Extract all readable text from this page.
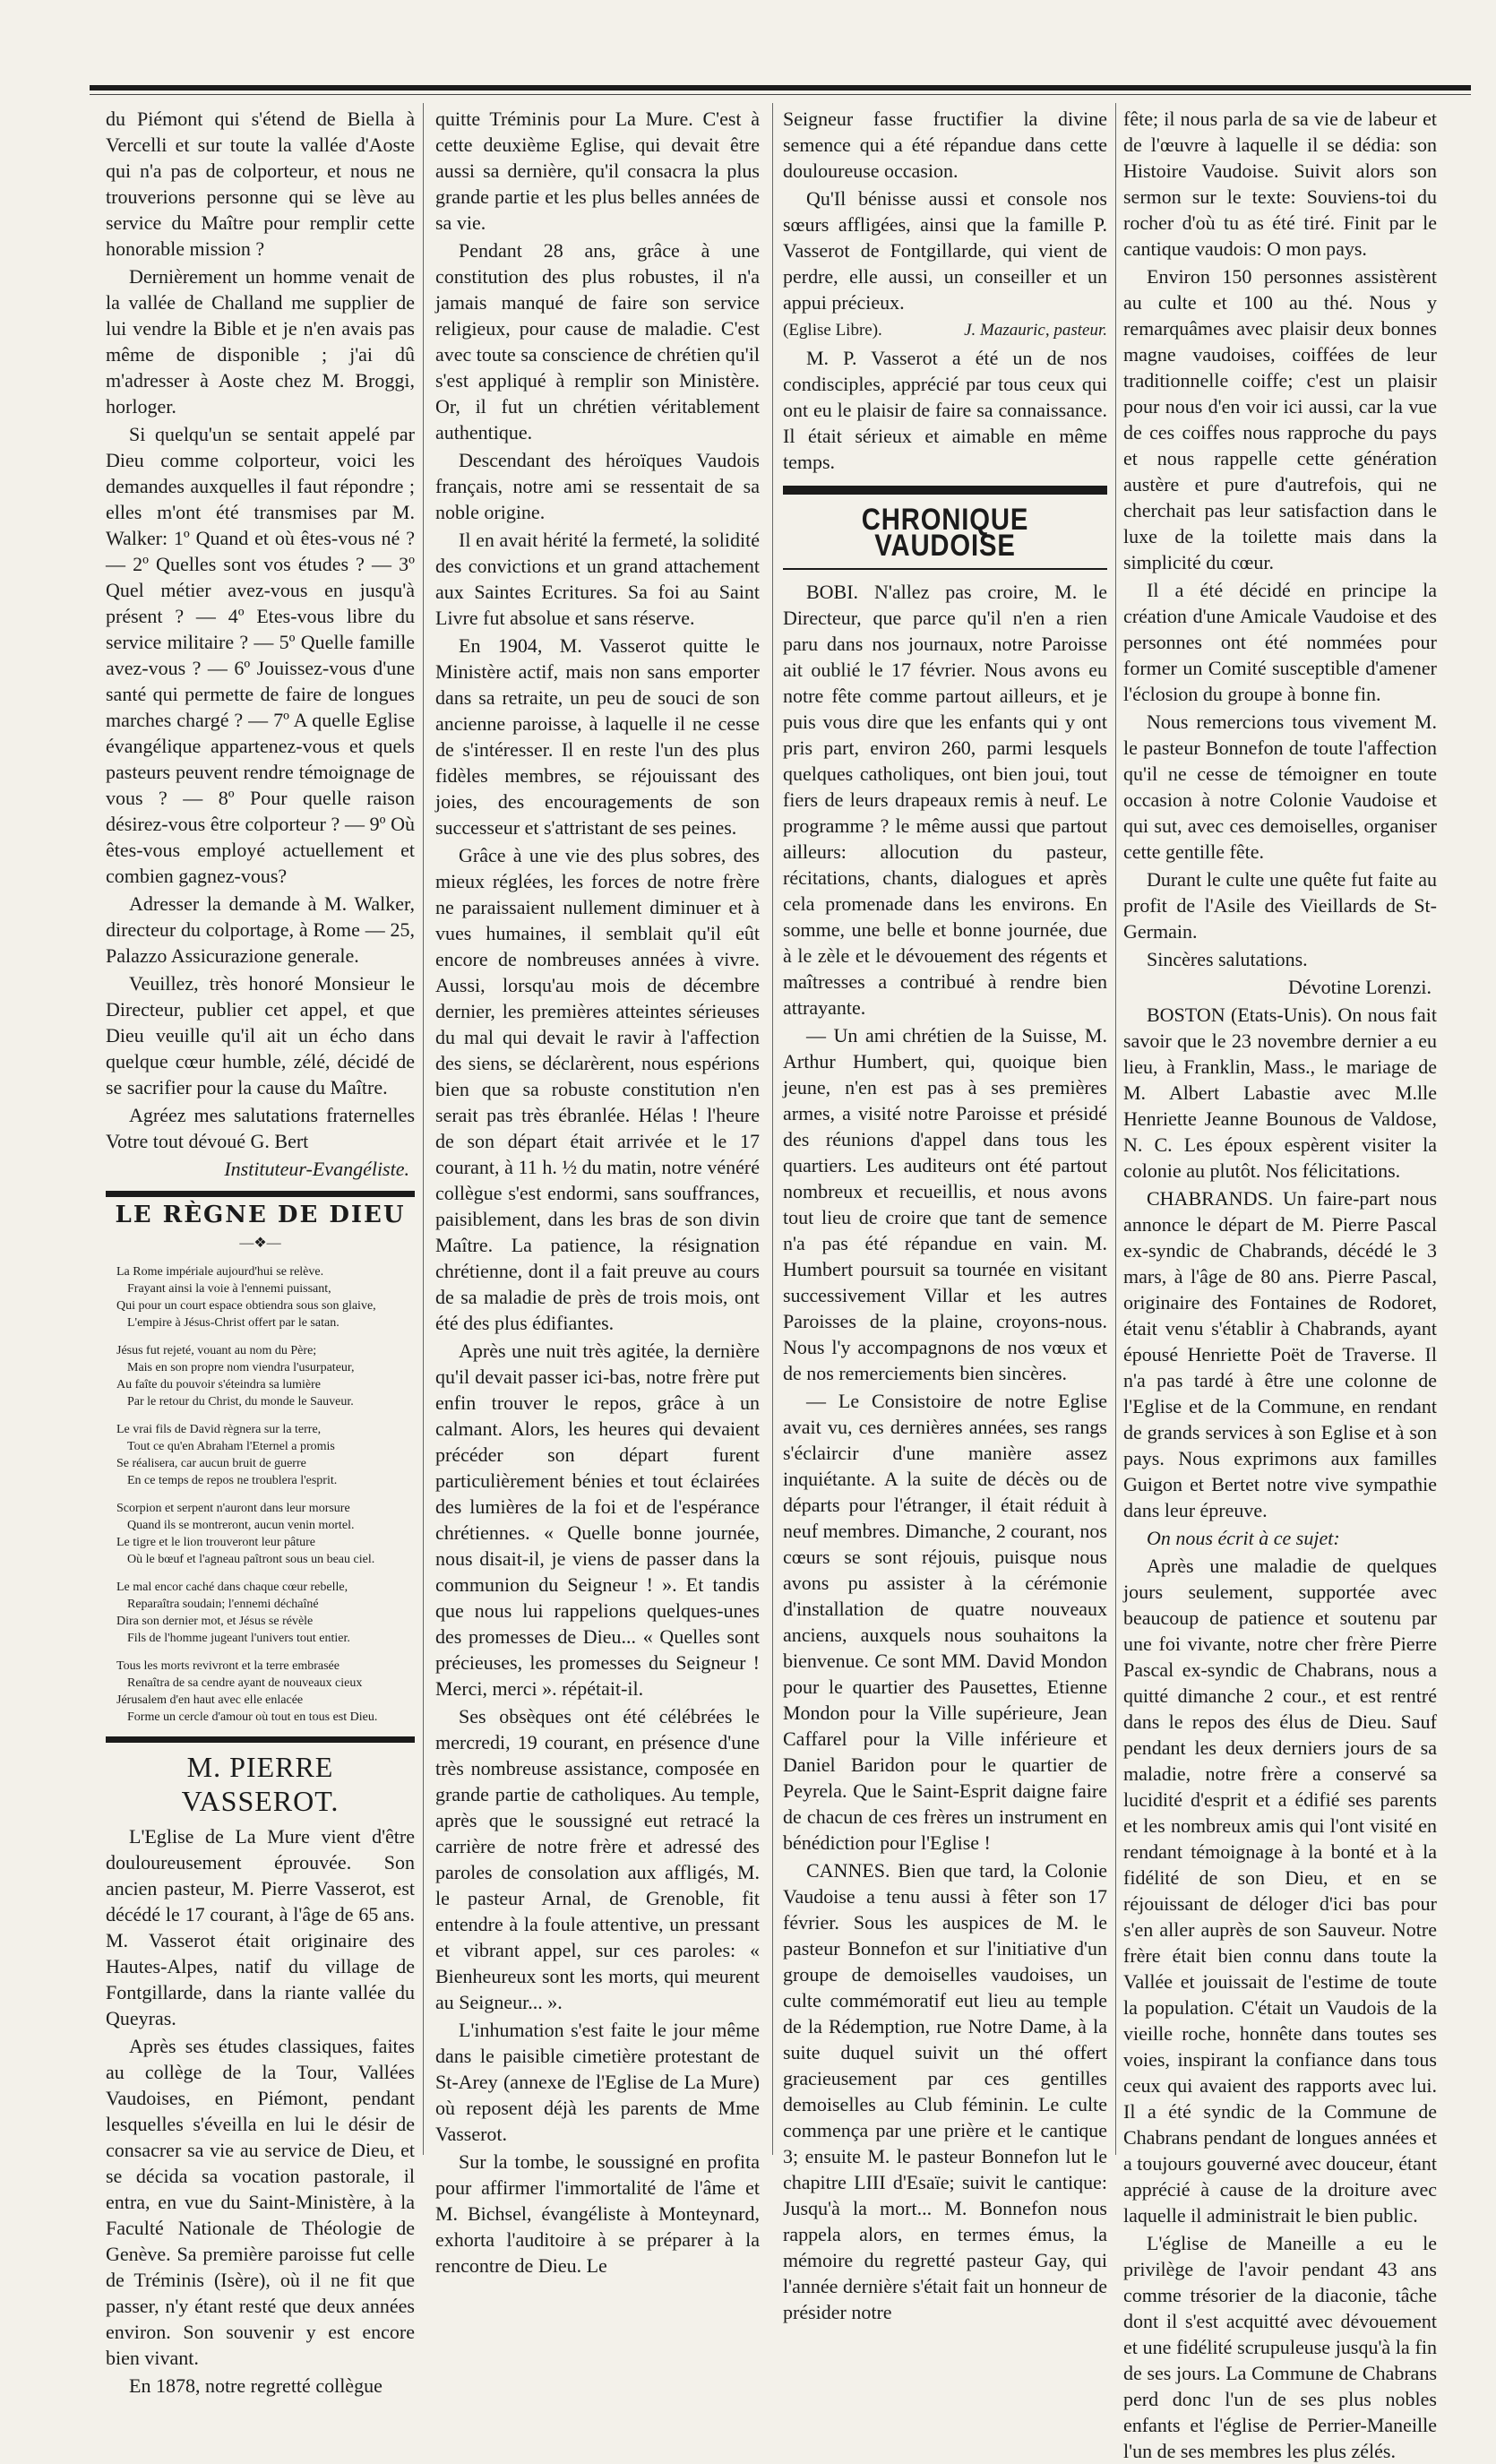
du Piémont qui s'étend de Biella à Vercelli et sur toute la vallée d'Aoste qui n'a pas de colporteur, et nous ne trouverions personne qui se lève au service du Maître pour remplir cette honorable mission ?

Dernièrement un homme venait de la vallée de Challand me supplier de lui vendre la Bible et je n'en avais pas même de disponible ; j'ai dû m'adresser à Aoste chez M. Broggi, horloger.

Si quelqu'un se sentait appelé par Dieu comme colporteur, voici les demandes auxquelles il faut répondre ; elles m'ont été transmises par M. Walker: 1º Quand et où êtes-vous né ? — 2º Quelles sont vos études ? — 3º Quel métier avez-vous en jusqu'à présent ? — 4º Etes-vous libre du service militaire ? — 5º Quelle famille avez-vous ? — 6º Jouissez-vous d'une santé qui permette de faire de longues marches chargé ? — 7º A quelle Eglise évangélique appartenez-vous et quels pasteurs peuvent rendre témoignage de vous ? — 8º Pour quelle raison désirez-vous être colporteur ? — 9º Où êtes-vous employé actuellement et combien gagnez-vous?

Adresser la demande à M. Walker, directeur du colportage, à Rome — 25, Palazzo Assicurazione generale.

Veuillez, très honoré Monsieur le Directeur, publier cet appel, et que Dieu veuille qu'il ait un écho dans quelque cœur humble, zélé, décidé de se sacrifier pour la cause du Maître.

Agréez mes salutations fraternelles Votre tout dévoué G. Bert

Instituteur-Evangéliste.

LE RÈGNE DE DIEU
—❖—
La Rome impériale aujourd'hui se relève.
Frayant ainsi la voie à l'ennemi puissant,
Qui pour un court espace obtiendra sous son glaive,
L'empire à Jésus-Christ offert par le satan.
Jésus fut rejeté, vouant au nom du Père;
Mais en son propre nom viendra l'usurpateur,
Au faîte du pouvoir s'éteindra sa lumière
Par le retour du Christ, du monde le Sauveur.
Le vrai fils de David règnera sur la terre,
Tout ce qu'en Abraham l'Eternel a promis
Se réalisera, car aucun bruit de guerre
En ce temps de repos ne troublera l'esprit.
Scorpion et serpent n'auront dans leur morsure
Quand ils se montreront, aucun venin mortel.
Le tigre et le lion trouveront leur pâture
Où le bœuf et l'agneau paîtront sous un beau ciel.
Le mal encor caché dans chaque cœur rebelle,
Reparaîtra soudain; l'ennemi déchaîné
Dira son dernier mot, et Jésus se révèle
Fils de l'homme jugeant l'univers tout entier.
Tous les morts revivront et la terre embrasée
Renaîtra de sa cendre ayant de nouveaux cieux
Jérusalem d'en haut avec elle enlacée
Forme un cercle d'amour où tout en tous est Dieu.
M. PIERRE VASSEROT.

L'Eglise de La Mure vient d'être douloureusement éprouvée. Son ancien pasteur, M. Pierre Vasserot, est décédé le 17 courant, à l'âge de 65 ans. M. Vasserot était originaire des Hautes-Alpes, natif du village de Fontgillarde, dans la riante vallée du Queyras.

Après ses études classiques, faites au collège de la Tour, Vallées Vaudoises, en Piémont, pendant lesquelles s'éveilla en lui le désir de consacrer sa vie au service de Dieu, et se décida sa vocation pastorale, il entra, en vue du Saint-Ministère, à la Faculté Nationale de Théologie de Genève. Sa première paroisse fut celle de Tréminis (Isère), où il ne fit que passer, n'y étant resté que deux années environ. Son souvenir y est encore bien vivant.

En 1878, notre regretté collègue

quitte Tréminis pour La Mure. C'est à cette deuxième Eglise, qui devait être aussi sa dernière, qu'il consacra la plus grande partie et les plus belles années de sa vie.

Pendant 28 ans, grâce à une constitution des plus robustes, il n'a jamais manqué de faire son service religieux, pour cause de maladie. C'est avec toute sa conscience de chrétien qu'il s'est appliqué à remplir son Ministère. Or, il fut un chrétien véritablement authentique.

Descendant des héroïques Vaudois français, notre ami se ressentait de sa noble origine.

Il en avait hérité la fermeté, la solidité des convictions et un grand attachement aux Saintes Ecritures. Sa foi au Saint Livre fut absolue et sans réserve.

En 1904, M. Vasserot quitte le Ministère actif, mais non sans emporter dans sa retraite, un peu de souci de son ancienne paroisse, à laquelle il ne cesse de s'intéresser. Il en reste l'un des plus fidèles membres, se réjouissant des joies, des encouragements de son successeur et s'attristant de ses peines.

Grâce à une vie des plus sobres, des mieux réglées, les forces de notre frère ne paraissaient nullement diminuer et à vues humaines, il semblait qu'il eût encore de nombreuses années à vivre. Aussi, lorsqu'au mois de décembre dernier, les premières atteintes sérieuses du mal qui devait le ravir à l'affection des siens, se déclarèrent, nous espérions bien que sa robuste constitution n'en serait pas très ébranlée. Hélas ! l'heure de son départ était arrivée et le 17 courant, à 11 h. ½ du matin, notre vénéré collègue s'est endormi, sans souffrances, paisiblement, dans les bras de son divin Maître. La patience, la résignation chrétienne, dont il a fait preuve au cours de sa maladie de près de trois mois, ont été des plus édifiantes.

Après une nuit très agitée, la dernière qu'il devait passer ici-bas, notre frère put enfin trouver le repos, grâce à un calmant. Alors, les heures qui devaient précéder son départ furent particulièrement bénies et tout éclairées des lumières de la foi et de l'espérance chrétiennes. « Quelle bonne journée, nous disait-il, je viens de passer dans la communion du Seigneur ! ». Et tandis que nous lui rappelions quelques-unes des promesses de Dieu... « Quelles sont précieuses, les promesses du Seigneur ! Merci, merci ». répétait-il.

Ses obsèques ont été célébrées le mercredi, 19 courant, en présence d'une très nombreuse assistance, composée en grande partie de catholiques. Au temple, après que le soussigné eut retracé la carrière de notre frère et adressé des paroles de consolation aux affligés, M. le pasteur Arnal, de Grenoble, fit entendre à la foule attentive, un pressant et vibrant appel, sur ces paroles: « Bienheureux sont les morts, qui meurent au Seigneur... ».

L'inhumation s'est faite le jour même dans le paisible cimetière protestant de St-Arey (annexe de l'Eglise de La Mure) où reposent déjà les parents de Mme Vasserot.

Sur la tombe, le soussigné en profita pour affirmer l'immortalité de l'âme et M. Bichsel, évangéliste à Monteynard, exhorta l'auditoire à se préparer à la rencontre de Dieu. Le

Seigneur fasse fructifier la divine semence qui a été répandue dans cette douloureuse occasion.

Qu'Il bénisse aussi et console nos sœurs affligées, ainsi que la famille P. Vasserot de Fontgillarde, qui vient de perdre, elle aussi, un conseiller et un appui précieux.

(Eglise Libre).	J. Mazauric, pasteur.

M. P. Vasserot a été un de nos condisciples, apprécié par tous ceux qui ont eu le plaisir de faire sa connaissance. Il était sérieux et aimable en même temps.

CHRONIQUE VAUDOISE

BOBI. N'allez pas croire, M. le Directeur, que parce qu'il n'en a rien paru dans nos journaux, notre Paroisse ait oublié le 17 février. Nous avons eu notre fête comme partout ailleurs, et je puis vous dire que les enfants qui y ont pris part, environ 260, parmi lesquels quelques catholiques, ont bien joui, tout fiers de leurs drapeaux remis à neuf. Le programme ? le même aussi que partout ailleurs: allocution du pasteur, récitations, chants, dialogues et après cela promenade dans les environs. En somme, une belle et bonne journée, due à le zèle et le dévouement des régents et maîtresses a contribué à rendre bien attrayante.

— Un ami chrétien de la Suisse, M. Arthur Humbert, qui, quoique bien jeune, n'en est pas à ses premières armes, a visité notre Paroisse et présidé des réunions d'appel dans tous les quartiers. Les auditeurs ont été partout nombreux et recueillis, et nous avons tout lieu de croire que tant de semence n'a pas été répandue en vain. M. Humbert poursuit sa tournée en visitant successivement Villar et les autres Paroisses de la plaine, croyons-nous. Nous l'y accompagnons de nos vœux et de nos remerciements bien sincères.

— Le Consistoire de notre Eglise avait vu, ces dernières années, ses rangs s'éclaircir d'une manière assez inquiétante. A la suite de décès ou de départs pour l'étranger, il était réduit à neuf membres. Dimanche, 2 courant, nos cœurs se sont réjouis, puisque nous avons pu assister à la cérémonie d'installation de quatre nouveaux anciens, auxquels nous souhaitons la bienvenue. Ce sont MM. David Mondon pour le quartier des Pausettes, Etienne Mondon pour la Ville supérieure, Jean Caffarel pour la Ville inférieure et Daniel Baridon pour le quartier de Peyrela. Que le Saint-Esprit daigne faire de chacun de ces frères un instrument en bénédiction pour l'Eglise !

CANNES. Bien que tard, la Colonie Vaudoise a tenu aussi à fêter son 17 février. Sous les auspices de M. le pasteur Bonnefon et sur l'initiative d'un groupe de demoiselles vaudoises, un culte commémoratif eut lieu au temple de la Rédemption, rue Notre Dame, à la suite duquel suivit un thé offert gracieusement par ces gentilles demoiselles au Club féminin. Le culte commença par une prière et le cantique 3; ensuite M. le pasteur Bonnefon lut le chapitre LIII d'Esaïe; suivit le cantique: Jusqu'à la mort... M. Bonnefon nous rappela alors, en termes émus, la mémoire du regretté pasteur Gay, qui l'année dernière s'était fait un honneur de présider notre

fête; il nous parla de sa vie de labeur et de l'œuvre à laquelle il se dédia: son Histoire Vaudoise. Suivit alors son sermon sur le texte: Souviens-toi du rocher d'où tu as été tiré. Finit par le cantique vaudois: O mon pays.

Environ 150 personnes assistèrent au culte et 100 au thé. Nous y remarquâmes avec plaisir deux bonnes magne vaudoises, coiffées de leur traditionnelle coiffe; c'est un plaisir pour nous d'en voir ici aussi, car la vue de ces coiffes nous rapproche du pays et nous rappelle cette génération austère et pure d'autrefois, qui ne cherchait pas leur satisfaction dans le luxe de la toilette mais dans la simplicité du cœur.

Il a été décidé en principe la création d'une Amicale Vaudoise et des personnes ont été nommées pour former un Comité susceptible d'amener l'éclosion du groupe à bonne fin.

Nous remercions tous vivement M. le pasteur Bonnefon de toute l'affection qu'il ne cesse de témoigner en toute occasion à notre Colonie Vaudoise et qui sut, avec ces demoiselles, organiser cette gentille fête.

Durant le culte une quête fut faite au profit de l'Asile des Vieillards de St-Germain.

Sincères salutations.

Dévotine Lorenzi.

BOSTON (Etats-Unis). On nous fait savoir que le 23 novembre dernier a eu lieu, à Franklin, Mass., le mariage de M. Albert Labastie avec M.lle Henriette Jeanne Bounous de Valdose, N. C. Les époux espèrent visiter la colonie au plutôt. Nos félicitations.

CHABRANDS. Un faire-part nous annonce le départ de M. Pierre Pascal ex-syndic de Chabrands, décédé le 3 mars, à l'âge de 80 ans. Pierre Pascal, originaire des Fontaines de Rodoret, était venu s'établir à Chabrands, ayant épousé Henriette Poët de Traverse. Il n'a pas tardé à être une colonne de l'Eglise et de la Commune, en rendant de grands services à son Eglise et à son pays. Nous exprimons aux familles Guigon et Bertet notre vive sympathie dans leur épreuve.

On nous écrit à ce sujet:

Après une maladie de quelques jours seulement, supportée avec beaucoup de patience et soutenu par une foi vivante, notre cher frère Pierre Pascal ex-syndic de Chabrans, nous a quitté dimanche 2 cour., et est rentré dans le repos des élus de Dieu. Sauf pendant les deux derniers jours de sa maladie, notre frère a conservé sa lucidité d'esprit et a édifié ses parents et les nombreux amis qui l'ont visité en rendant témoignage à la bonté et à la fidélité de son Dieu, et en se réjouissant de déloger d'ici bas pour s'en aller auprès de son Sauveur. Notre frère était bien connu dans toute la Vallée et jouissait de l'estime de toute la population. C'était un Vaudois de la vieille roche, honnête dans toutes ses voies, inspirant la confiance dans tous ceux qui avaient des rapports avec lui. Il a été syndic de la Commune de Chabrans pendant de longues années et a toujours gouverné avec douceur, étant apprécié à cause de la droiture avec laquelle il administrait le bien public.

L'église de Maneille a eu le privilège de l'avoir pendant 43 ans comme trésorier de la diaconie, tâche dont il s'est acquitté avec dévouement et une fidélité scrupuleuse jusqu'à la fin de ses jours. La Commune de Chabrans perd donc l'un de ses plus nobles enfants et l'église de Perrier-Maneille l'un de ses membres les plus zélés.
